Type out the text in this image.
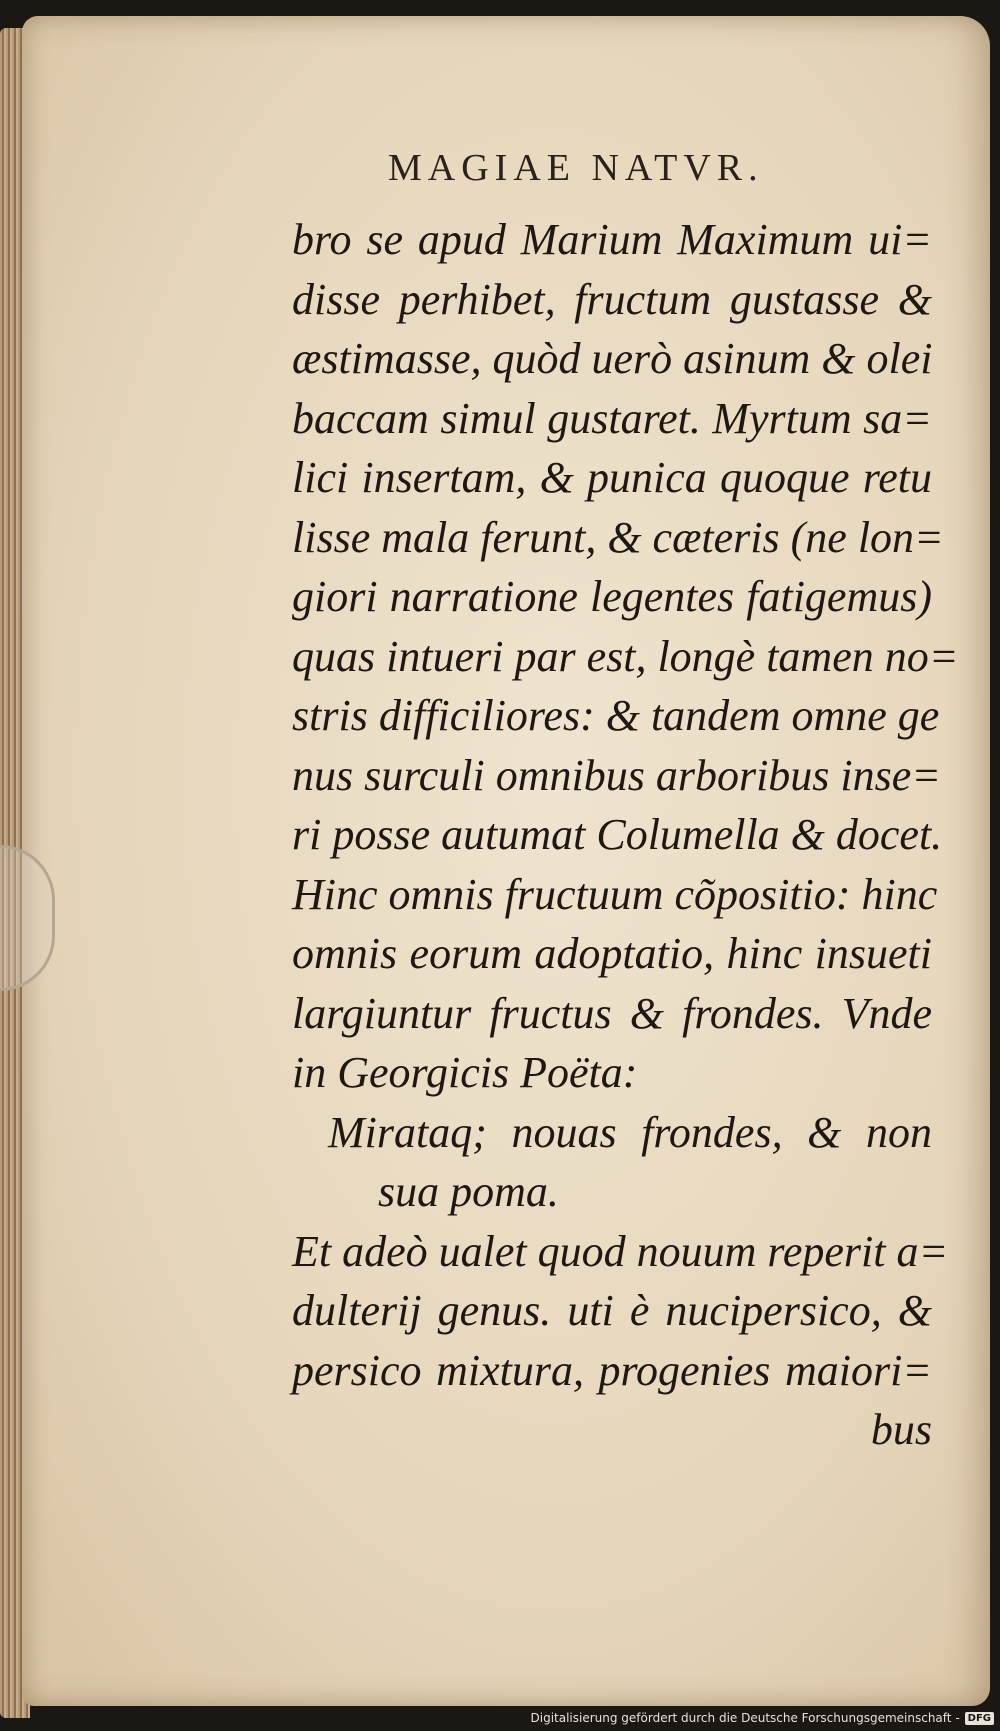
MAGIAE NATVR.
bro se apud Marium Maximum ui=
disse perhibet, fructum gustasse &
æstimasse, quòd uerò asinum & olei
baccam simul gustaret. Myrtum sa=
lici insertam, & punica quoque retu
lisse mala ferunt, & cæteris (ne lon=
giori narratione legentes fatigemus)
quas intueri par est, longè tamen no=
stris difficiliores: & tandem omne ge
nus surculi omnibus arboribus inse=
ri posse autumat Columella & docet.
Hinc omnis fructuum cõpositio: hinc
omnis eorum adoptatio, hinc insueti
largiuntur fructus & frondes. Vnde
in Georgicis Poëta:
Mirataq; nouas frondes, & non
sua poma.
Et adeò ualet quod nouum reperit a=
dulterij genus. uti è nucipersico, &
persico mixtura, progenies maiori=
bus
Digitalisierung gefördert durch die Deutsche Forschungsgemeinschaft - DFG
